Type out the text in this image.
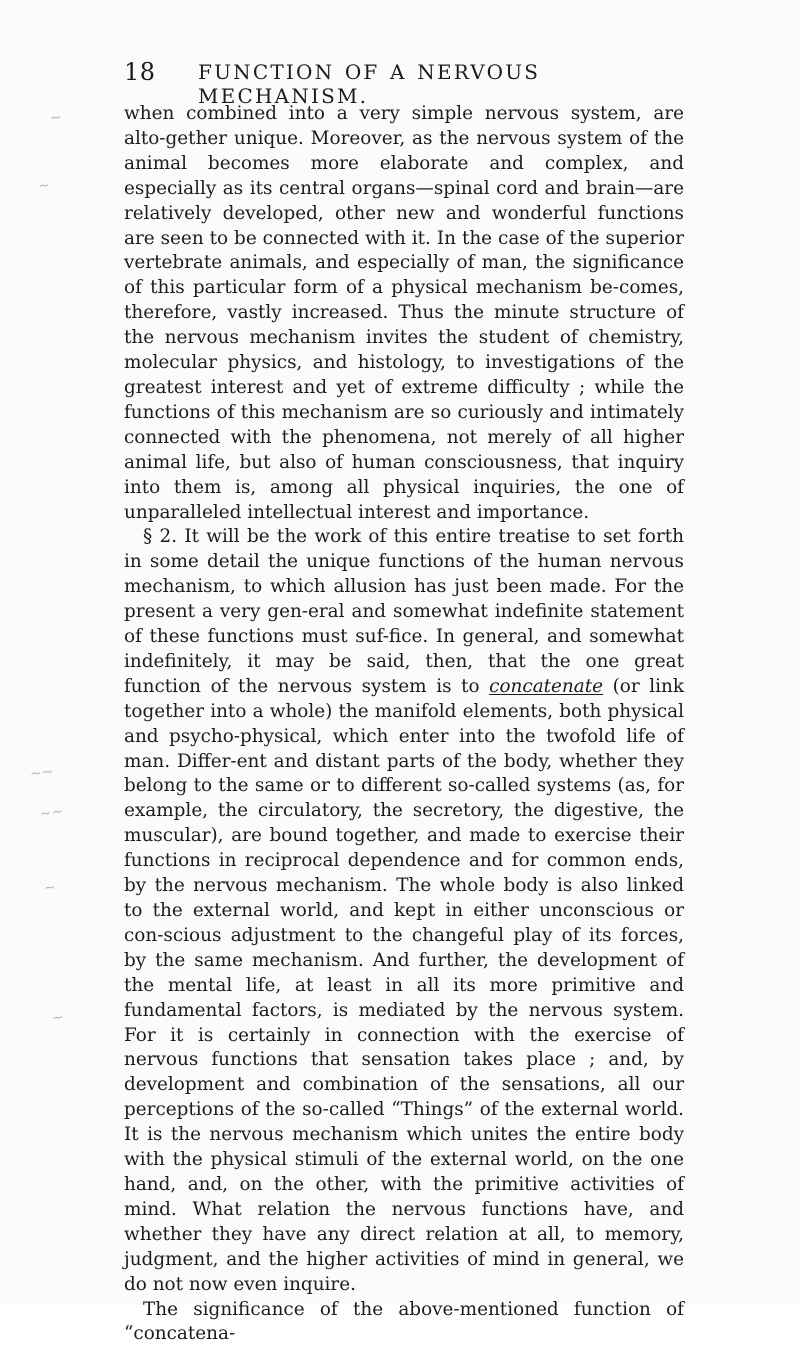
18 FUNCTION OF A NERVOUS MECHANISM.

when combined into a very simple nervous system, are alto-gether unique. Moreover, as the nervous system of the animal becomes more elaborate and complex, and especially as its central organs—spinal cord and brain—are relatively developed, other new and wonderful functions are seen to be connected with it. In the case of the superior vertebrate animals, and especially of man, the significance of this particular form of a physical mechanism be-comes, therefore, vastly increased. Thus the minute structure of the nervous mechanism invites the student of chemistry, molecular physics, and histology, to investigations of the greatest interest and yet of extreme difficulty ; while the functions of this mechanism are so curiously and intimately connected with the phenomena, not merely of all higher animal life, but also of human consciousness, that inquiry into them is, among all physical inquiries, the one of unparalleled intellectual interest and importance.

§ 2. It will be the work of this entire treatise to set forth in some detail the unique functions of the human nervous mechanism, to which allusion has just been made. For the present a very gen-eral and somewhat indefinite statement of these functions must suf-fice. In general, and somewhat indefinitely, it may be said, then, that the one great function of the nervous system is to concatenate (or link together into a whole) the manifold elements, both physical and psycho-physical, which enter into the twofold life of man. Differ-ent and distant parts of the body, whether they belong to the same or to different so-called systems (as, for example, the circulatory, the secretory, the digestive, the muscular), are bound together, and made to exercise their functions in reciprocal dependence and for common ends, by the nervous mechanism. The whole body is also linked to the external world, and kept in either unconscious or con-scious adjustment to the changeful play of its forces, by the same mechanism. And further, the development of the mental life, at least in all its more primitive and fundamental factors, is mediated by the nervous system. For it is certainly in connection with the exercise of nervous functions that sensation takes place ; and, by development and combination of the sensations, all our perceptions of the so-called “Things” of the external world. It is the nervous mechanism which unites the entire body with the physical stimuli of the external world, on the one hand, and, on the other, with the primitive activities of mind. What relation the nervous functions have, and whether they have any direct relation at all, to memory, judgment, and the higher activities of mind in general, we do not now even inquire.

The significance of the above-mentioned function of “concatena-

~
~
~~
~~
~
~
